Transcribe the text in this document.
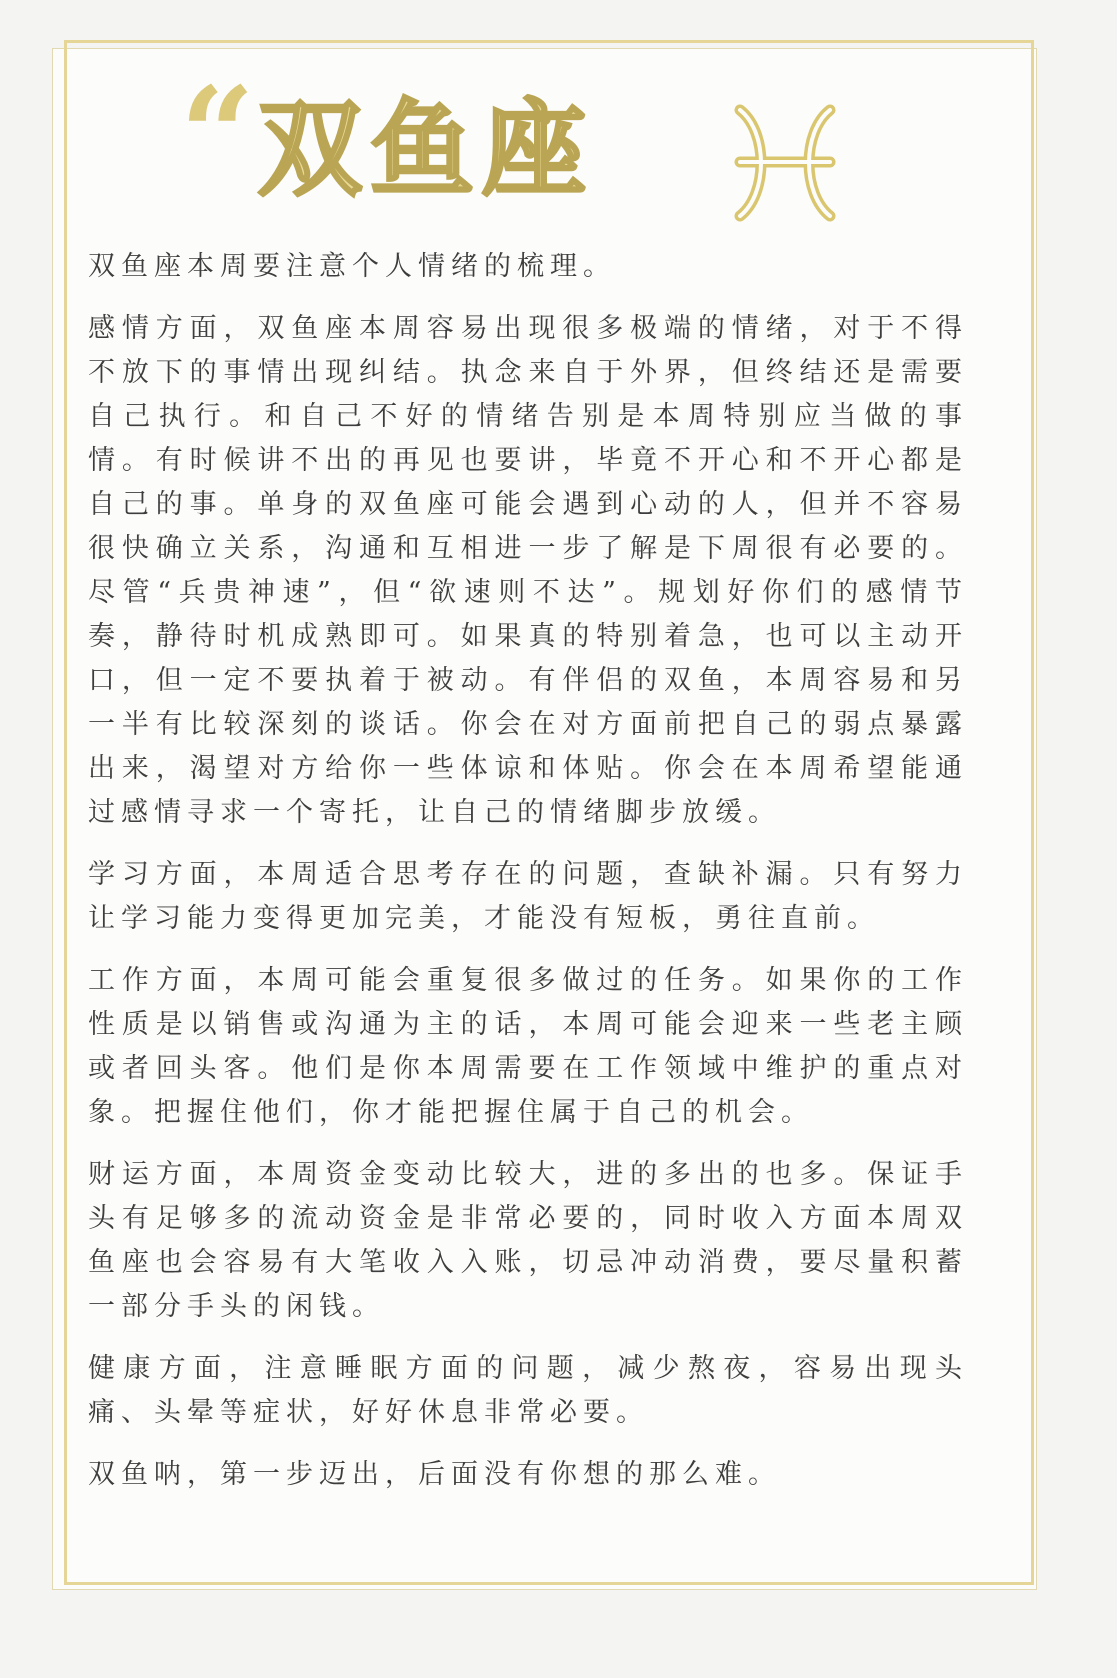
“ 双鱼座

双鱼座本周要注意个人情绪的梳理。

感情方面，双鱼座本周容易出现很多极端的情绪，对于不得不放下的事情出现纠结。执念来自于外界，但终结还是需要自己执行。和自己不好的情绪告别是本周特别应当做的事情。有时候讲不出的再见也要讲，毕竟不开心和不开心都是自己的事。单身的双鱼座可能会遇到心动的人，但并不容易很快确立关系，沟通和互相进一步了解是下周很有必要的。尽管“兵贵神速”，但“欲速则不达”。规划好你们的感情节奏，静待时机成熟即可。如果真的特别着急，也可以主动开口，但一定不要执着于被动。有伴侣的双鱼，本周容易和另一半有比较深刻的谈话。你会在对方面前把自己的弱点暴露出来，渴望对方给你一些体谅和体贴。你会在本周希望能通过感情寻求一个寄托，让自己的情绪脚步放缓。

学习方面，本周适合思考存在的问题，查缺补漏。只有努力让学习能力变得更加完美，才能没有短板，勇往直前。

工作方面，本周可能会重复很多做过的任务。如果你的工作性质是以销售或沟通为主的话，本周可能会迎来一些老主顾或者回头客。他们是你本周需要在工作领域中维护的重点对象。把握住他们，你才能把握住属于自己的机会。

财运方面，本周资金变动比较大，进的多出的也多。保证手头有足够多的流动资金是非常必要的，同时收入方面本周双鱼座也会容易有大笔收入入账，切忌冲动消费，要尽量积蓄一部分手头的闲钱。

健康方面，注意睡眠方面的问题，减少熬夜，容易出现头痛、头晕等症状，好好休息非常必要。

双鱼呐，第一步迈出，后面没有你想的那么难。
